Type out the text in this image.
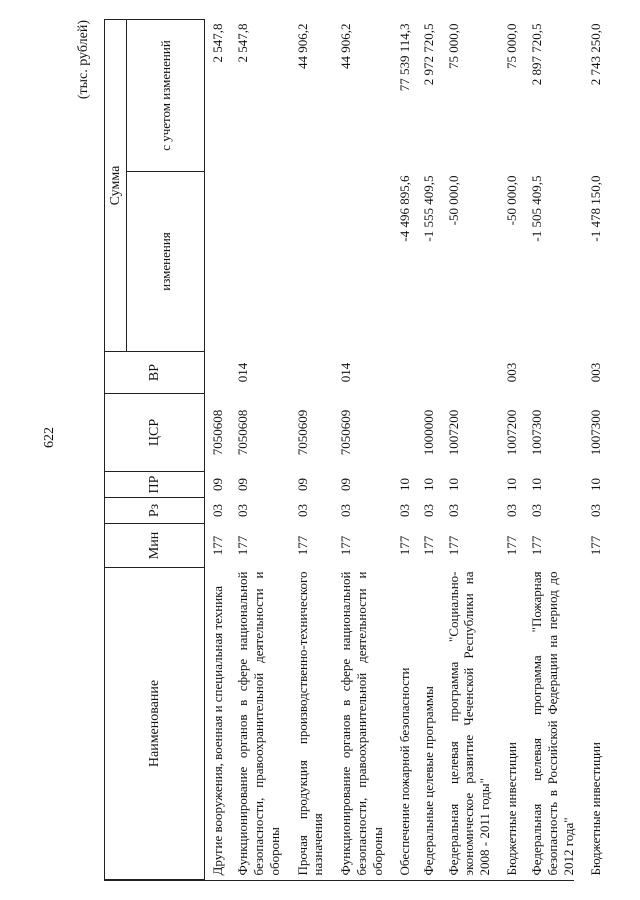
622
(тыс. рублей)
Наименование	Мин	Рз	ПР	ЦСР	ВР	Сумма	
						изменения	с учетом изменений
Другие вооружения, военная и специальная техника	177	03	09	7050608			2 547,8
Функционирование органов в сфере национальной безопасности, правоохранительной деятельности и обороны	177	03	09	7050608	014		2 547,8
Прочая продукция производственно-технического назначения	177	03	09	7050609			44 906,2
Функционирование органов в сфере национальной безопасности, правоохранительной деятельности и обороны	177	03	09	7050609	014		44 906,2
Обеспечение пожарной безопасности	177	03	10			-4 496 895,6	77 539 114,3
Федеральные целевые программы	177	03	10	1000000		-1 555 409,5	2 972 720,5
Федеральная целевая программа "Социально-экономическое развитие Чеченской Республики на 2008 - 2011 годы"	177	03	10	1007200		-50 000,0	75 000,0
Бюджетные инвестиции	177	03	10	1007200	003	-50 000,0	75 000,0
Федеральная целевая программа "Пожарная безопасность в Российской Федерации на период до 2012 года"	177	03	10	1007300		-1 505 409,5	2 897 720,5
Бюджетные инвестиции	177	03	10	1007300	003	-1 478 150,0	2 743 250,0
